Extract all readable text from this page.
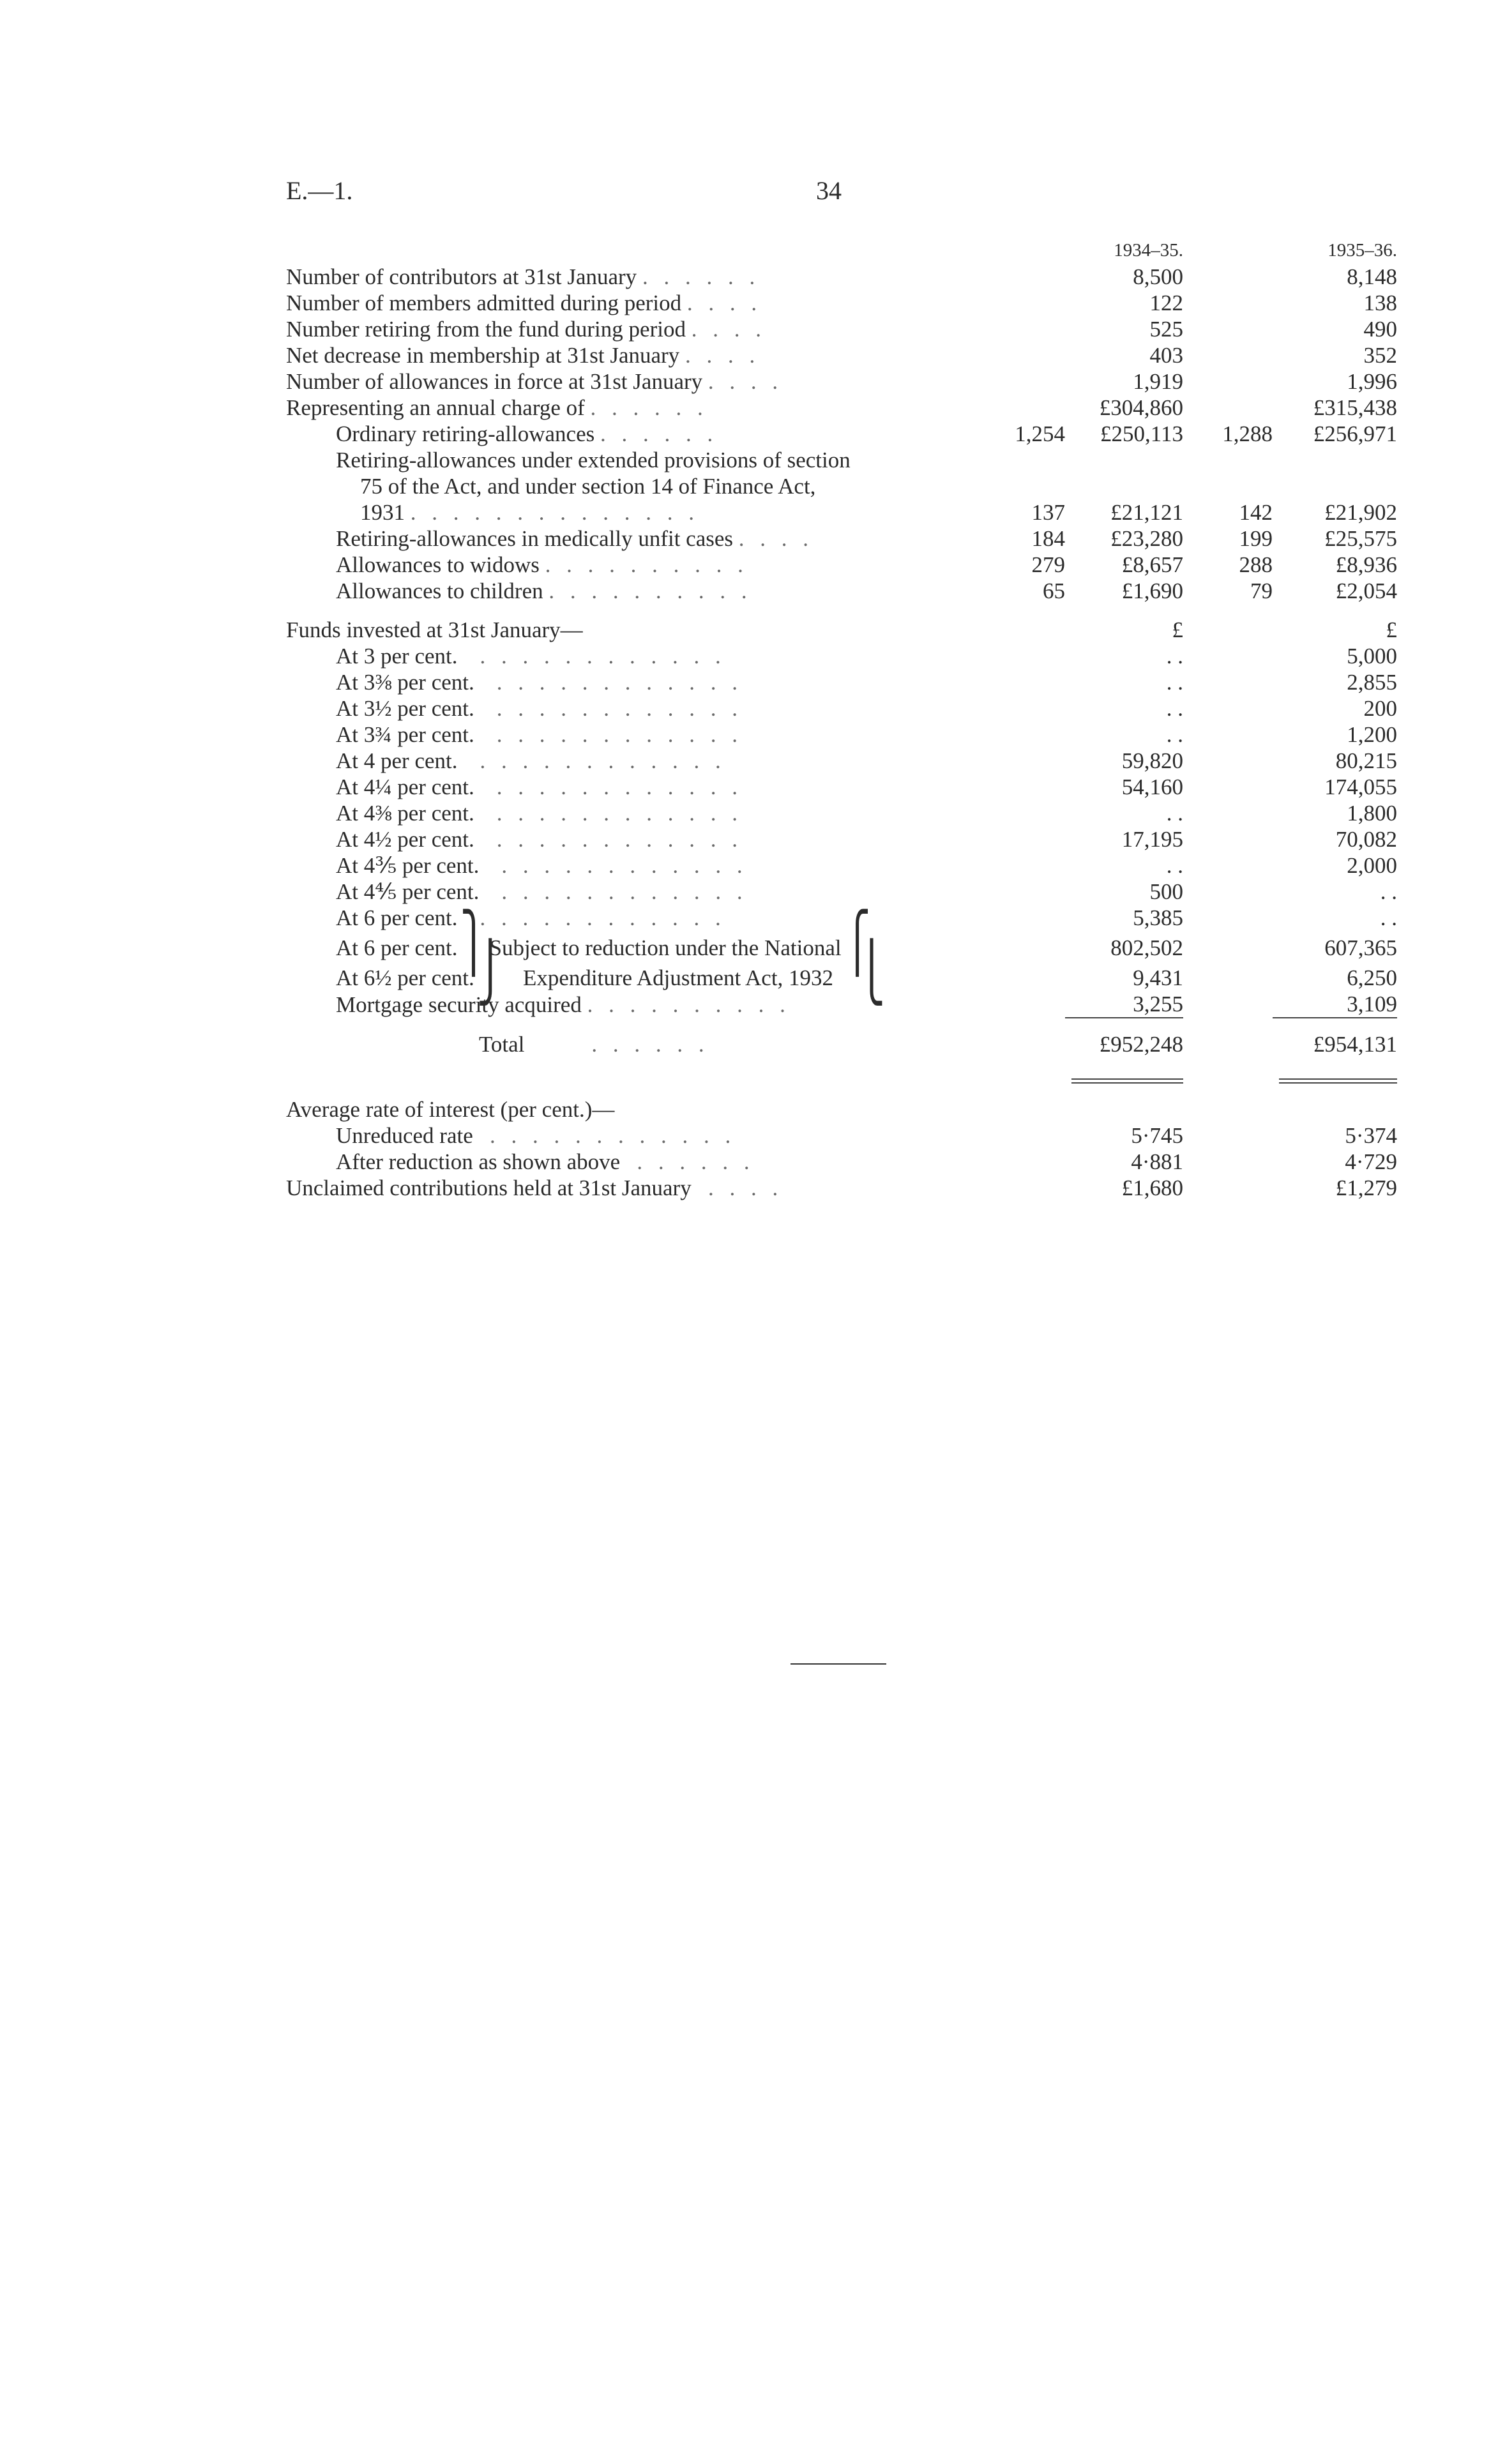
E.—1.	34
		1934–35.		1935–36.
Number of contributors at 31st January . . . . . .		8,500		8,148
Number of members admitted during period . . . .		122		138
Number retiring from the fund during period . . . .		525		490
Net decrease in membership at 31st January . . . .		403		352
Number of allowances in force at 31st January . . . .		1,919		1,996
Representing an annual charge of . . . . . .		£304,860		£315,438
Ordinary retiring-allowances . . . . . .	1,254	£250,113	1,288	£256,971
Retiring-allowances under extended provisions of section				
75 of the Act, and under section 14 of Finance Act,				
1931 . . . . . . . . . . . . . .	137	£21,121	142	£21,902
Retiring-allowances in medically unfit cases . . . .	184	£23,280	199	£25,575
Allowances to widows . . . . . . . . . .	279	£8,657	288	£8,936
Allowances to children . . . . . . . . . .	65	£1,690	79	£2,054

Funds invested at 31st January—		£		£
At 3 per cent. . . . . . . . . . . . .		. .		5,000
At 3⅜ per cent. . . . . . . . . . . . .		. .		2,855
At 3½ per cent. . . . . . . . . . . . .		. .		200
At 3¾ per cent. . . . . . . . . . . . .		. .		1,200
At 4 per cent. . . . . . . . . . . . .		59,820		80,215
At 4¼ per cent. . . . . . . . . . . . .		54,160		174,055
At 4⅜ per cent. . . . . . . . . . . . .		. .		1,800
At 4½ per cent. . . . . . . . . . . . .		17,195		70,082
At 4⅗ per cent. . . . . . . . . . . . .		. .		2,000
At 4⅘ per cent. . . . . . . . . . . . .		500		. .
At 6 per cent. . . . . . . . . . . . .		5,385		. .
At 6 per cent.⎫ Subject to reduction under the National⎧		802,502		607,365
At 6½ per cent.⎭ Expenditure Adjustment Act, 1932 ⎩		9,431		6,250
Mortgage security acquired . . . . . . . . . .		3,255		3,109

Total . . . . . .		£952,248		£954,131

Average rate of interest (per cent.)—				
Unreduced rate . . . . . . . . . . . .		5·745		5·374
After reduction as shown above . . . . . .		4·881		4·729
Unclaimed contributions held at 31st January . . . .		£1,680		£1,279
